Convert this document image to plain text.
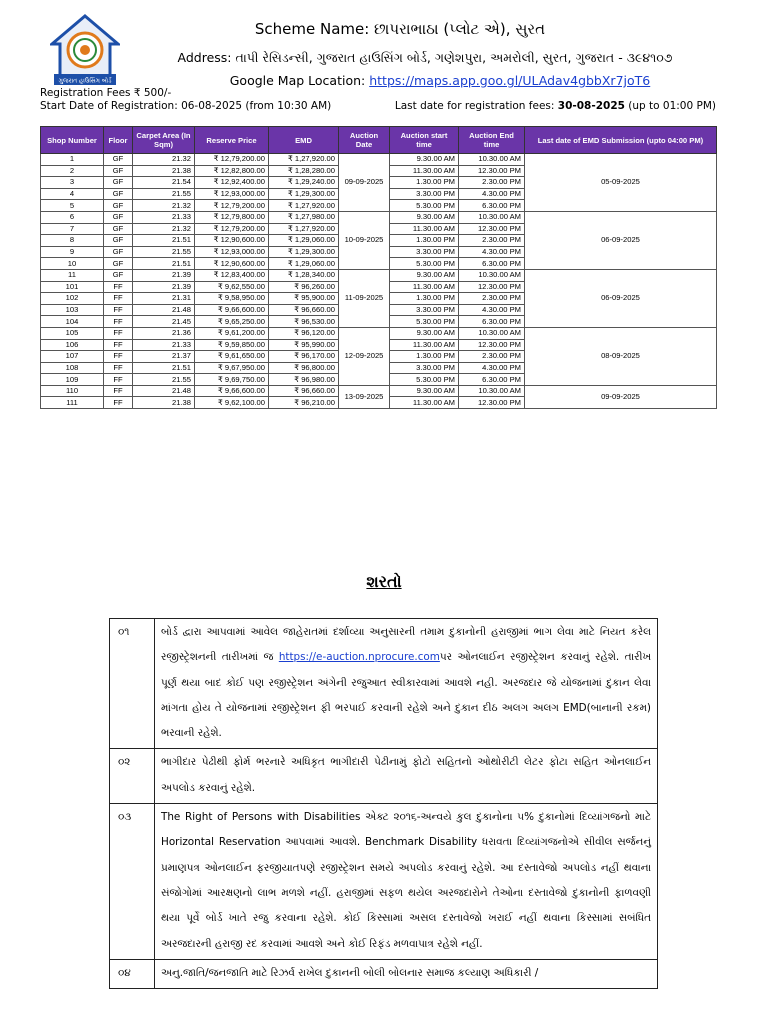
ગુજરાત હાઉસિંગ બોર્ડ
Scheme Name: છાપરાભાઠા (પ્લોટ એ), સુરત
Address: તાપી રેસિડન્સી, ગુજરાત હાઉસિંગ બોર્ડ, ગણેશપુરા, અમરોલી, સુરત, ગુજરાત - ૩૯૪૧૦૭
Google Map Location: https://maps.app.goo.gl/ULAdav4gbbXr7joT6
Registration Fees ₹ 500/-
Start Date of Registration: 06-08-2025 (from 10:30 AM)	Last date for registration fees: 30-08-2025 (up to 01:00 PM)
Shop Number	Floor	Carpet Area (In Sqm)	Reserve Price	EMD	Auction Date	Auction start time	Auction End time	Last date of EMD Submission (upto 04:00 PM)
1	GF	21.32	₹ 12,79,200.00	₹ 1,27,920.00	09-09-2025	9.30.00 AM	10.30.00 AM	05-09-2025
2	GF	21.38	₹ 12,82,800.00	₹ 1,28,280.00		11.30.00 AM	12.30.00 PM	
3	GF	21.54	₹ 12,92,400.00	₹ 1,29,240.00		1.30.00 PM	2.30.00 PM	
4	GF	21.55	₹ 12,93,000.00	₹ 1,29,300.00		3.30.00 PM	4.30.00 PM	
5	GF	21.32	₹ 12,79,200.00	₹ 1,27,920.00		5.30.00 PM	6.30.00 PM	
6	GF	21.33	₹ 12,79,800.00	₹ 1,27,980.00	10-09-2025	9.30.00 AM	10.30.00 AM	06-09-2025
7	GF	21.32	₹ 12,79,200.00	₹ 1,27,920.00		11.30.00 AM	12.30.00 PM	
8	GF	21.51	₹ 12,90,600.00	₹ 1,29,060.00		1.30.00 PM	2.30.00 PM	
9	GF	21.55	₹ 12,93,000.00	₹ 1,29,300.00		3.30.00 PM	4.30.00 PM	
10	GF	21.51	₹ 12,90,600.00	₹ 1,29,060.00		5.30.00 PM	6.30.00 PM	
11	GF	21.39	₹ 12,83,400.00	₹ 1,28,340.00	11-09-2025	9.30.00 AM	10.30.00 AM	06-09-2025
101	FF	21.39	₹ 9,62,550.00	₹ 96,260.00		11.30.00 AM	12.30.00 PM	
102	FF	21.31	₹ 9,58,950.00	₹ 95,900.00		1.30.00 PM	2.30.00 PM	
103	FF	21.48	₹ 9,66,600.00	₹ 96,660.00		3.30.00 PM	4.30.00 PM	
104	FF	21.45	₹ 9,65,250.00	₹ 96,530.00		5.30.00 PM	6.30.00 PM	
105	FF	21.36	₹ 9,61,200.00	₹ 96,120.00	12-09-2025	9.30.00 AM	10.30.00 AM	08-09-2025
106	FF	21.33	₹ 9,59,850.00	₹ 95,990.00		11.30.00 AM	12.30.00 PM	
107	FF	21.37	₹ 9,61,650.00	₹ 96,170.00		1.30.00 PM	2.30.00 PM	
108	FF	21.51	₹ 9,67,950.00	₹ 96,800.00		3.30.00 PM	4.30.00 PM	
109	FF	21.55	₹ 9,69,750.00	₹ 96,980.00		5.30.00 PM	6.30.00 PM	
110	FF	21.48	₹ 9,66,600.00	₹ 96,660.00	13-09-2025	9.30.00 AM	10.30.00 AM	09-09-2025
111	FF	21.38	₹ 9,62,100.00	₹ 96,210.00		11.30.00 AM	12.30.00 PM	
શરતો
૦૧	બોર્ડ દ્વારા આપવામાં આવેલ જાહેરાતમાં દર્શાવ્યા અનુસારની તમામ દુકાનોની હરાજીમાં ભાગ લેવા માટે નિયત કરેલ રજીસ્ટ્રેશનની તારીખમાં જ https://e-auction.nprocure.comપર ઓનલાઈન રજીસ્ટ્રેશન કરવાનું રહેશે. તારીખ પૂર્ણ થયા બાદ કોઈ પણ રજીસ્ટ્રેશન અંગેની રજુઆત સ્વીકારવામાં આવશે નહી. અરજદાર જે યોજનામાં દુકાન લેવા માંગતા હોય તે યોજનામાં રજીસ્ટ્રેશન ફી ભરપાઈ કરવાની રહેશે અને દુકાન દીઠ અલગ અલગ EMD(બાનાની રકમ) ભરવાની રહેશે.
૦૨	ભાગીદાર પેઢીથી ફોર્મ ભરનારે અધિકૃત ભાગીદારી પેઢીનામું ફોટો સહિતનો ઓથોરીટી લેટર ફોટા સહિત ઓનલાઈન અપલોડ કરવાનું રહેશે.
૦૩	The Right of Persons with Disabilities એક્ટ ૨૦૧૬-અન્વયે કુલ દુકાનોના ૫% દુકાનોમાં દિવ્યાંગજનો માટે Horizontal Reservation આપવામાં આવશે. Benchmark Disability ધરાવતા દિવ્યાંગજનોએ સીવીલ સર્જનનું પ્રમાણપત્ર ઓનલાઈન ફરજીયાતપણે રજીસ્ટ્રેશન સમયે અપલોડ કરવાનું રહેશે. આ દસ્તાવેજો અપલોડ નહીં થવાના સંજોગોમાં આરક્ષણનો લાભ મળશે નહીં. હરાજીમાં સફળ થયેલ અરજદારોને તેઓના દસ્તાવેજો દુકાનોની ફાળવણી થયા પૂર્વે બોર્ડ ખાતે રજુ કરવાના રહેશે. કોઈ કિસ્સામાં અસલ દસ્તાવેજો ખરાઈ નહીં થવાના કિસ્સામાં સબંધિત અરજદારની હરાજી રદ કરવામાં આવશે અને કોઈ રિફંડ મળવાપાત્ર રહેશે નહીં.
૦૪	અનુ.જાતિ/જનજાતિ માટે રિઝર્વ રાખેલ દુકાનની બોલી બોલનાર સમાજ કલ્યાણ અધિકારી /
